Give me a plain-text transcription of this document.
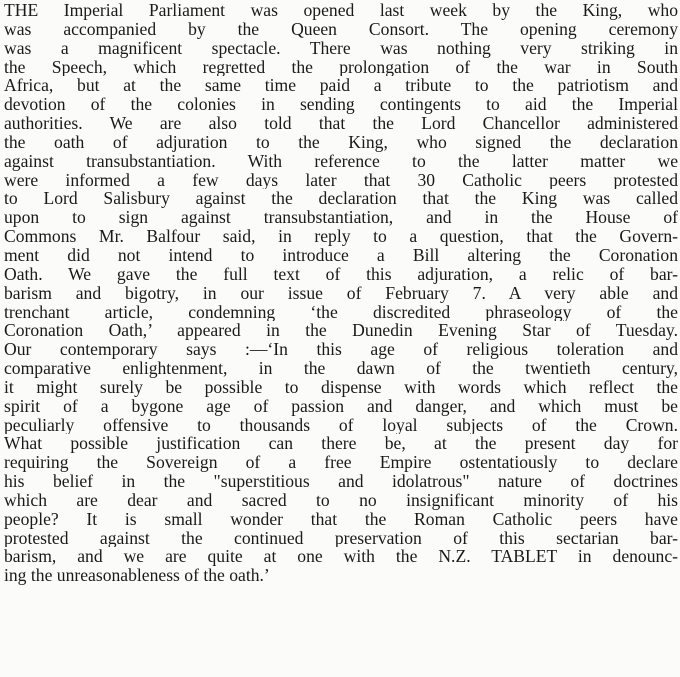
THE Imperial Parliament was opened last week by the King, who
was accompanied by the Queen Consort. The opening ceremony
was a magnificent spectacle. There was nothing very striking in
the Speech, which regretted the prolongation of the war in South
Africa, but at the same time paid a tribute to the patriotism and
devotion of the colonies in sending contingents to aid the Imperial
authorities. We are also told that the Lord Chancellor administered
the oath of adjuration to the King, who signed the declaration
against transubstantiation. With reference to the latter matter we
were informed a few days later that 30 Catholic peers protested
to Lord Salisbury against the declaration that the King was called
upon to sign against transubstantiation, and in the House of
Commons Mr. Balfour said, in reply to a question, that the Govern-
ment did not intend to introduce a Bill altering the Coronation
Oath. We gave the full text of this adjuration, a relic of bar-
barism and bigotry, in our issue of February 7. A very able and
trenchant article, condemning ‘the discredited phraseology of the
Coronation Oath,’ appeared in the Dunedin Evening Star of Tuesday.
Our contemporary says :—‘In this age of religious toleration and
comparative enlightenment, in the dawn of the twentieth century,
it might surely be possible to dispense with words which reflect the
spirit of a bygone age of passion and danger, and which must be
peculiarly offensive to thousands of loyal subjects of the Crown.
What possible justification can there be, at the present day for
requiring the Sovereign of a free Empire ostentatiously to declare
his belief in the "superstitious and idolatrous" nature of doctrines
which are dear and sacred to no insignificant minority of his
people? It is small wonder that the Roman Catholic peers have
protested against the continued preservation of this sectarian bar-
barism, and we are quite at one with the N.Z. TABLET in denounc-
ing the unreasonableness of the oath.’
